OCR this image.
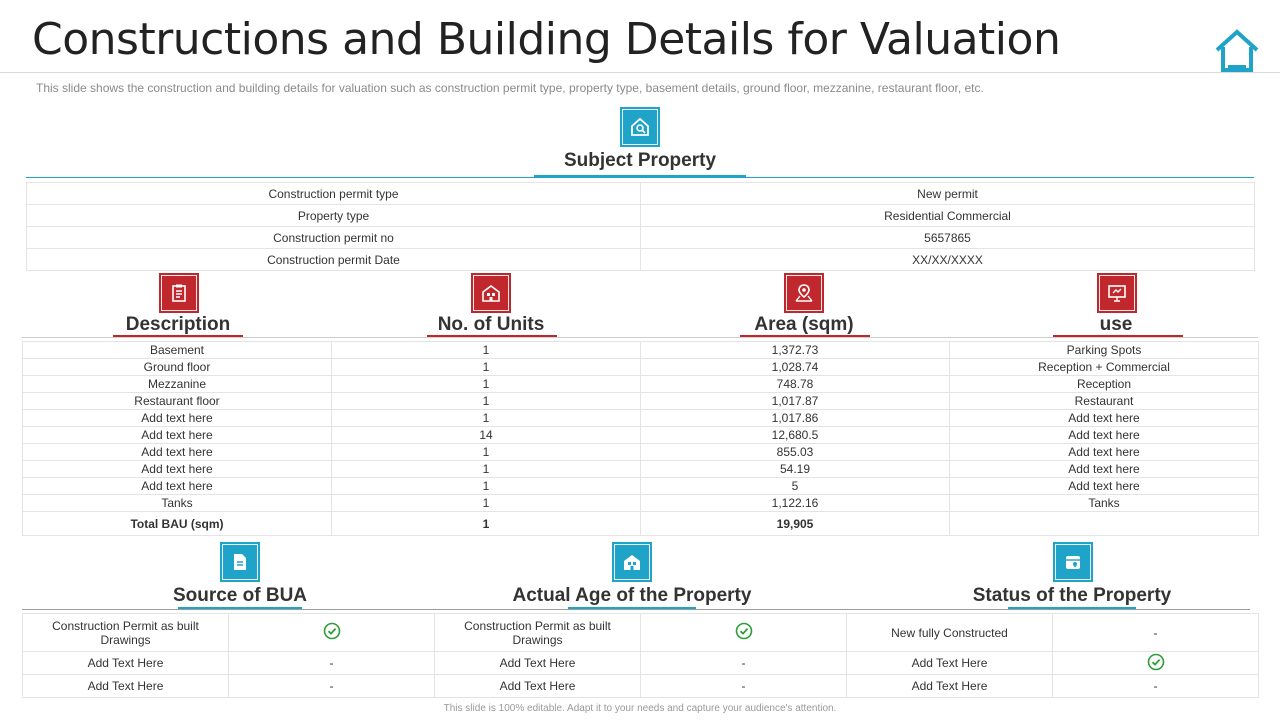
Constructions and Building Details for Valuation
This slide shows the construction and building details for valuation such as construction permit type, property type, basement details, ground floor, mezzanine, restaurant floor, etc.
Subject Property
Construction permit type	New permit
Property type	Residential Commercial
Construction permit no	5657865
Construction permit Date	XX/XX/XXXX
Description	No. of Units	Area (sqm)	use
Basement	1	1,372.73	Parking Spots
Ground floor	1	1,028.74	Reception + Commercial
Mezzanine	1	748.78	Reception
Restaurant floor	1	1,017.87	Restaurant
Add text here	1	1,017.86	Add text here
Add text here	14	12,680.5	Add text here
Add text here	1	855.03	Add text here
Add text here	1	54.19	Add text here
Add text here	1	5	Add text here
Tanks	1	1,122.16	Tanks
Total BAU (sqm)	1	19,905	
Source of BUA	Actual Age of the Property	Status of the Property
Construction Permit as built Drawings		Construction Permit as built Drawings		New fully Constructed	-
Add Text Here	-	Add Text Here	-	Add Text Here	
Add Text Here	-	Add Text Here	-	Add Text Here	-
This slide is 100% editable. Adapt it to your needs and capture your audience's attention.
